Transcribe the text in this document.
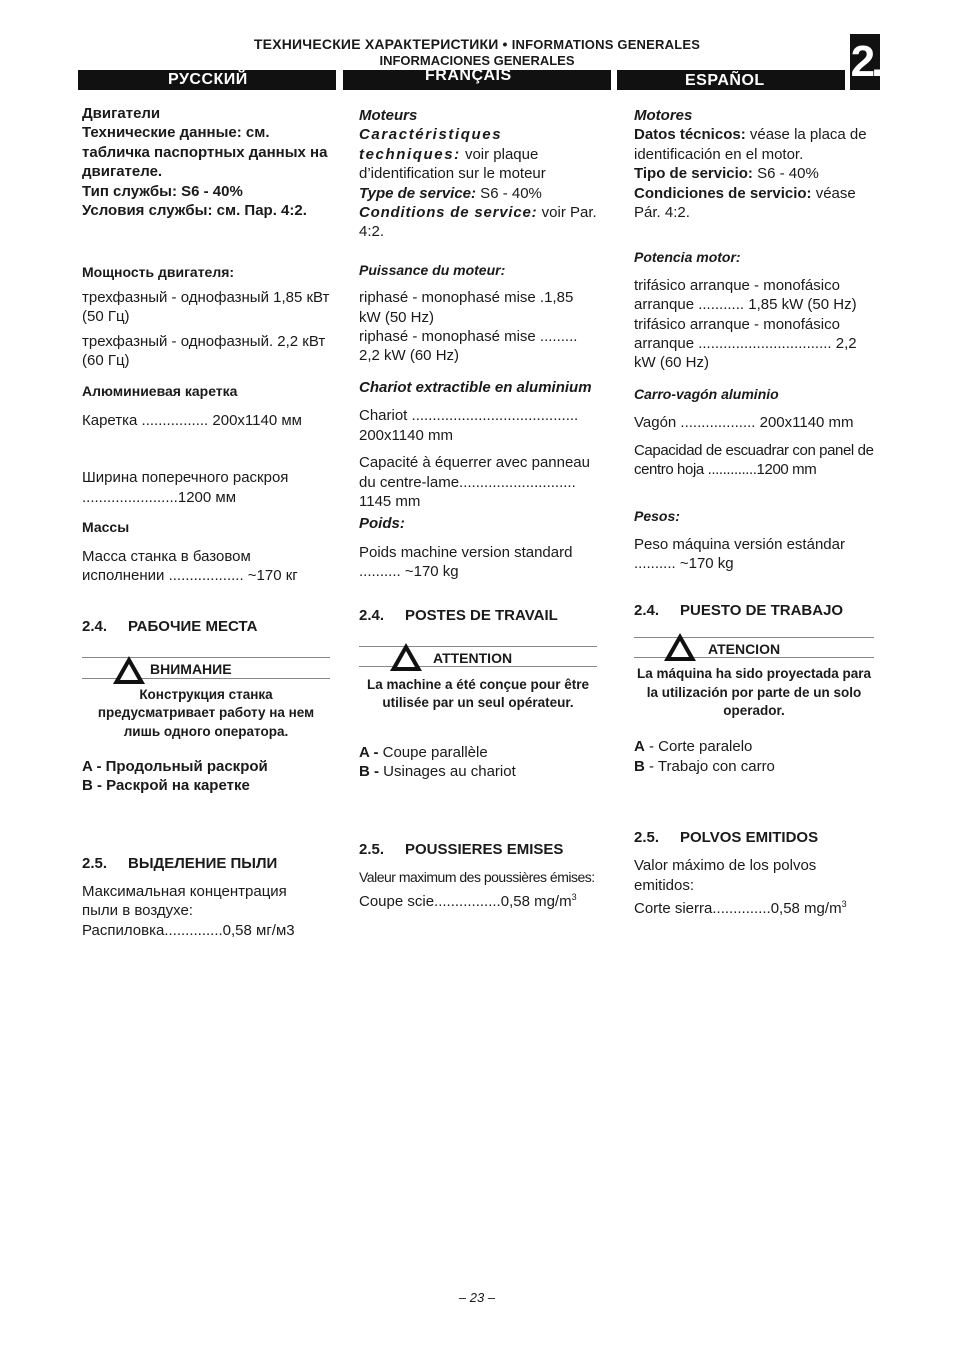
ТЕХНИЧЕСКИЕ ХАРАКТЕРИСТИКИ • INFORMATIONS GENERALES
INFORMACIONES GENERALES	2.
РУССКИЙ	FRANÇAIS	ESPAÑOL

Двигатели

Технические данные: см. табличка паспортных данных на двигателе.

Тип службы: S6 - 40%

Условия службы: см. Пар. 4:2.

Мощность двигателя:

трехфазный - однофазный 1,85 кВт (50 Гц)

трехфазный - однофазный. 2,2 кВт (60 Гц)

Алюминиевая каретка

Каретка ................ 200x1140 мм

Ширина поперечного раскроя .......................1200 мм

Массы

Масса станка в базовом исполнении .................. ~170 кг

2.4. РАБОЧИЕ МЕСТА

ВНИМАНИЕ
Конструкция станка предусматривает работу на нем лишь одного оператора.

A - Продольный раскрой

B - Раскрой на каретке

2.5. ВЫДЕЛЕНИЕ ПЫЛИ

Максимальная концентрация пыли в воздухе:

Распиловка..............0,58 мг/м3

Moteurs

Caractéristiques techniques: voir plaque d’identification sur le moteur

Type de service: S6 - 40%

Conditions de service: voir Par. 4:2.

Puissance du moteur:

riphasé - monophasé mise .1,85 kW (50 Hz)

riphasé - monophasé mise ......... 2,2 kW (60 Hz)

Chariot extractible en aluminium

Chariot ........................................ 200x1140 mm

Capacité à équerrer avec panneau du centre-lame............................ 1145 mm

Poids:

Poids machine version standard .......... ~170 kg

2.4. POSTES DE TRAVAIL

ATTENTION
La machine a été conçue pour être utilisée par un seul opérateur.

A - Coupe parallèle

B - Usinages au chariot

2.5. POUSSIERES EMISES

Valeur maximum des poussières émises:

Coupe scie................0,58 $mg/m^3$

Motores

Datos técnicos: véase la placa de identificación en el motor.

Tipo de servicio: S6 - 40%

Condiciones de servicio: véase Pár. 4:2.

Potencia motor:

trifásico arranque - monofásico arranque ........... 1,85 kW (50 Hz)

trifásico arranque - monofásico arranque ................................ 2,2 kW (60 Hz)

Carro-vagón aluminio

Vagón .................. 200x1140 mm

Capacidad de escuadrar con panel de centro hoja .............1200 mm

Pesos:

Peso máquina versión estándar .......... ~170 kg

2.4. PUESTO DE TRABAJO

ATENCION
La máquina ha sido proyectada para la utilización por parte de un solo operador.

A - Corte paralelo

B - Trabajo con carro

2.5. POLVOS EMITIDOS

Valor máximo de los polvos emitidos:

Corte sierra..............0,58 $mg/m^3$

– 23 –
